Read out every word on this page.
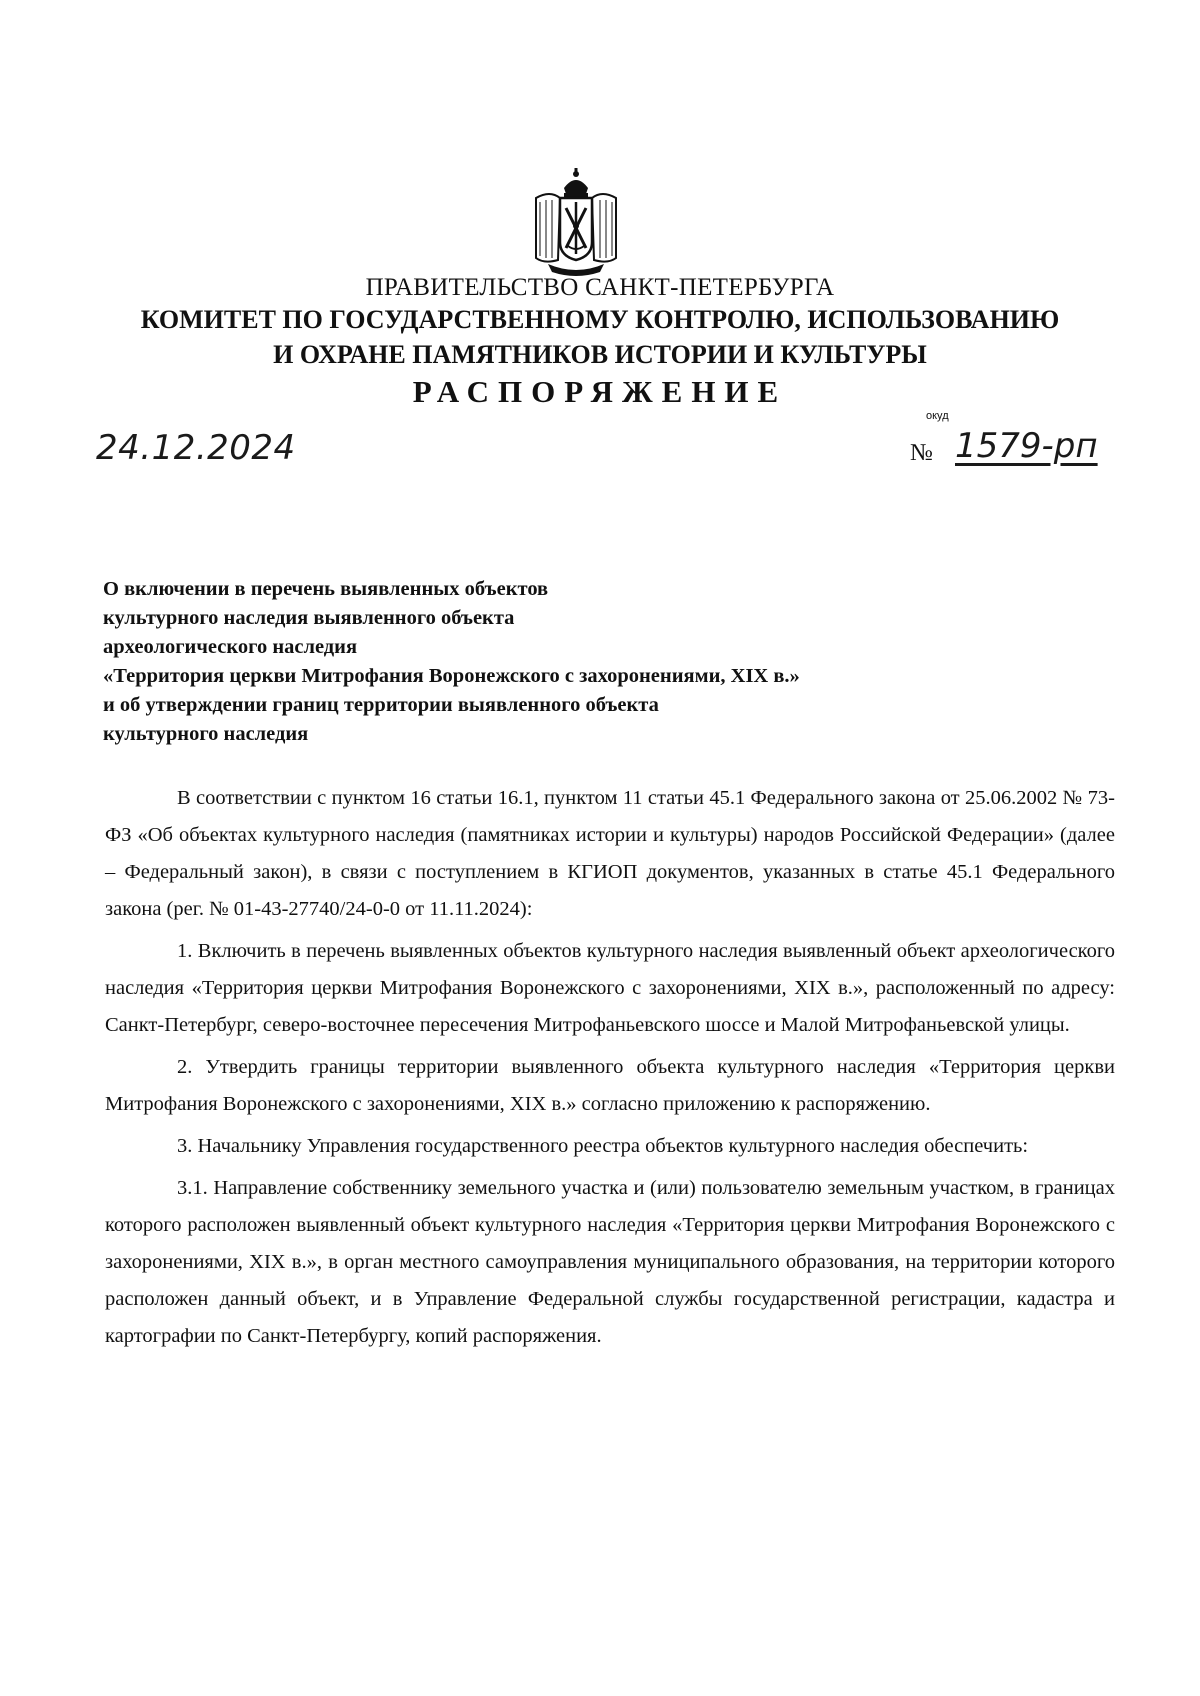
ПРАВИТЕЛЬСТВО САНКТ-ПЕТЕРБУРГА
КОМИТЕТ ПО ГОСУДАРСТВЕННОМУ КОНТРОЛЮ, ИСПОЛЬЗОВАНИЮ
И ОХРАНЕ ПАМЯТНИКОВ ИСТОРИИ И КУЛЬТУРЫ
РАСПОРЯЖЕНИЕ
24.12.2024
окуд
№ 1579-рп
О включении в перечень выявленных объектов
культурного наследия выявленного объекта
археологического наследия
«Территория церкви Митрофания Воронежского с захоронениями, XIX в.»
и об утверждении границ территории выявленного объекта
культурного наследия

В соответствии с пунктом 16 статьи 16.1, пунктом 11 статьи 45.1 Федерального закона от 25.06.2002 № 73-ФЗ «Об объектах культурного наследия (памятниках истории и культуры) народов Российской Федерации» (далее – Федеральный закон), в связи с поступлением в КГИОП документов, указанных в статье 45.1 Федерального закона (рег. № 01-43-27740/24-0-0 от 11.11.2024):

1. Включить в перечень выявленных объектов культурного наследия выявленный объект археологического наследия «Территория церкви Митрофания Воронежского с захоронениями, XIX в.», расположенный по адресу: Санкт-Петербург, северо-восточнее пересечения Митрофаньевского шоссе и Малой Митрофаньевской улицы.

2. Утвердить границы территории выявленного объекта культурного наследия «Территория церкви Митрофания Воронежского с захоронениями, XIX в.» согласно приложению к распоряжению.

3. Начальнику Управления государственного реестра объектов культурного наследия обеспечить:

3.1. Направление собственнику земельного участка и (или) пользователю земельным участком, в границах которого расположен выявленный объект культурного наследия «Территория церкви Митрофания Воронежского с захоронениями, XIX в.», в орган местного самоуправления муниципального образования, на территории которого расположен данный объект, и в Управление Федеральной службы государственной регистрации, кадастра и картографии по Санкт-Петербургу, копий распоряжения.
